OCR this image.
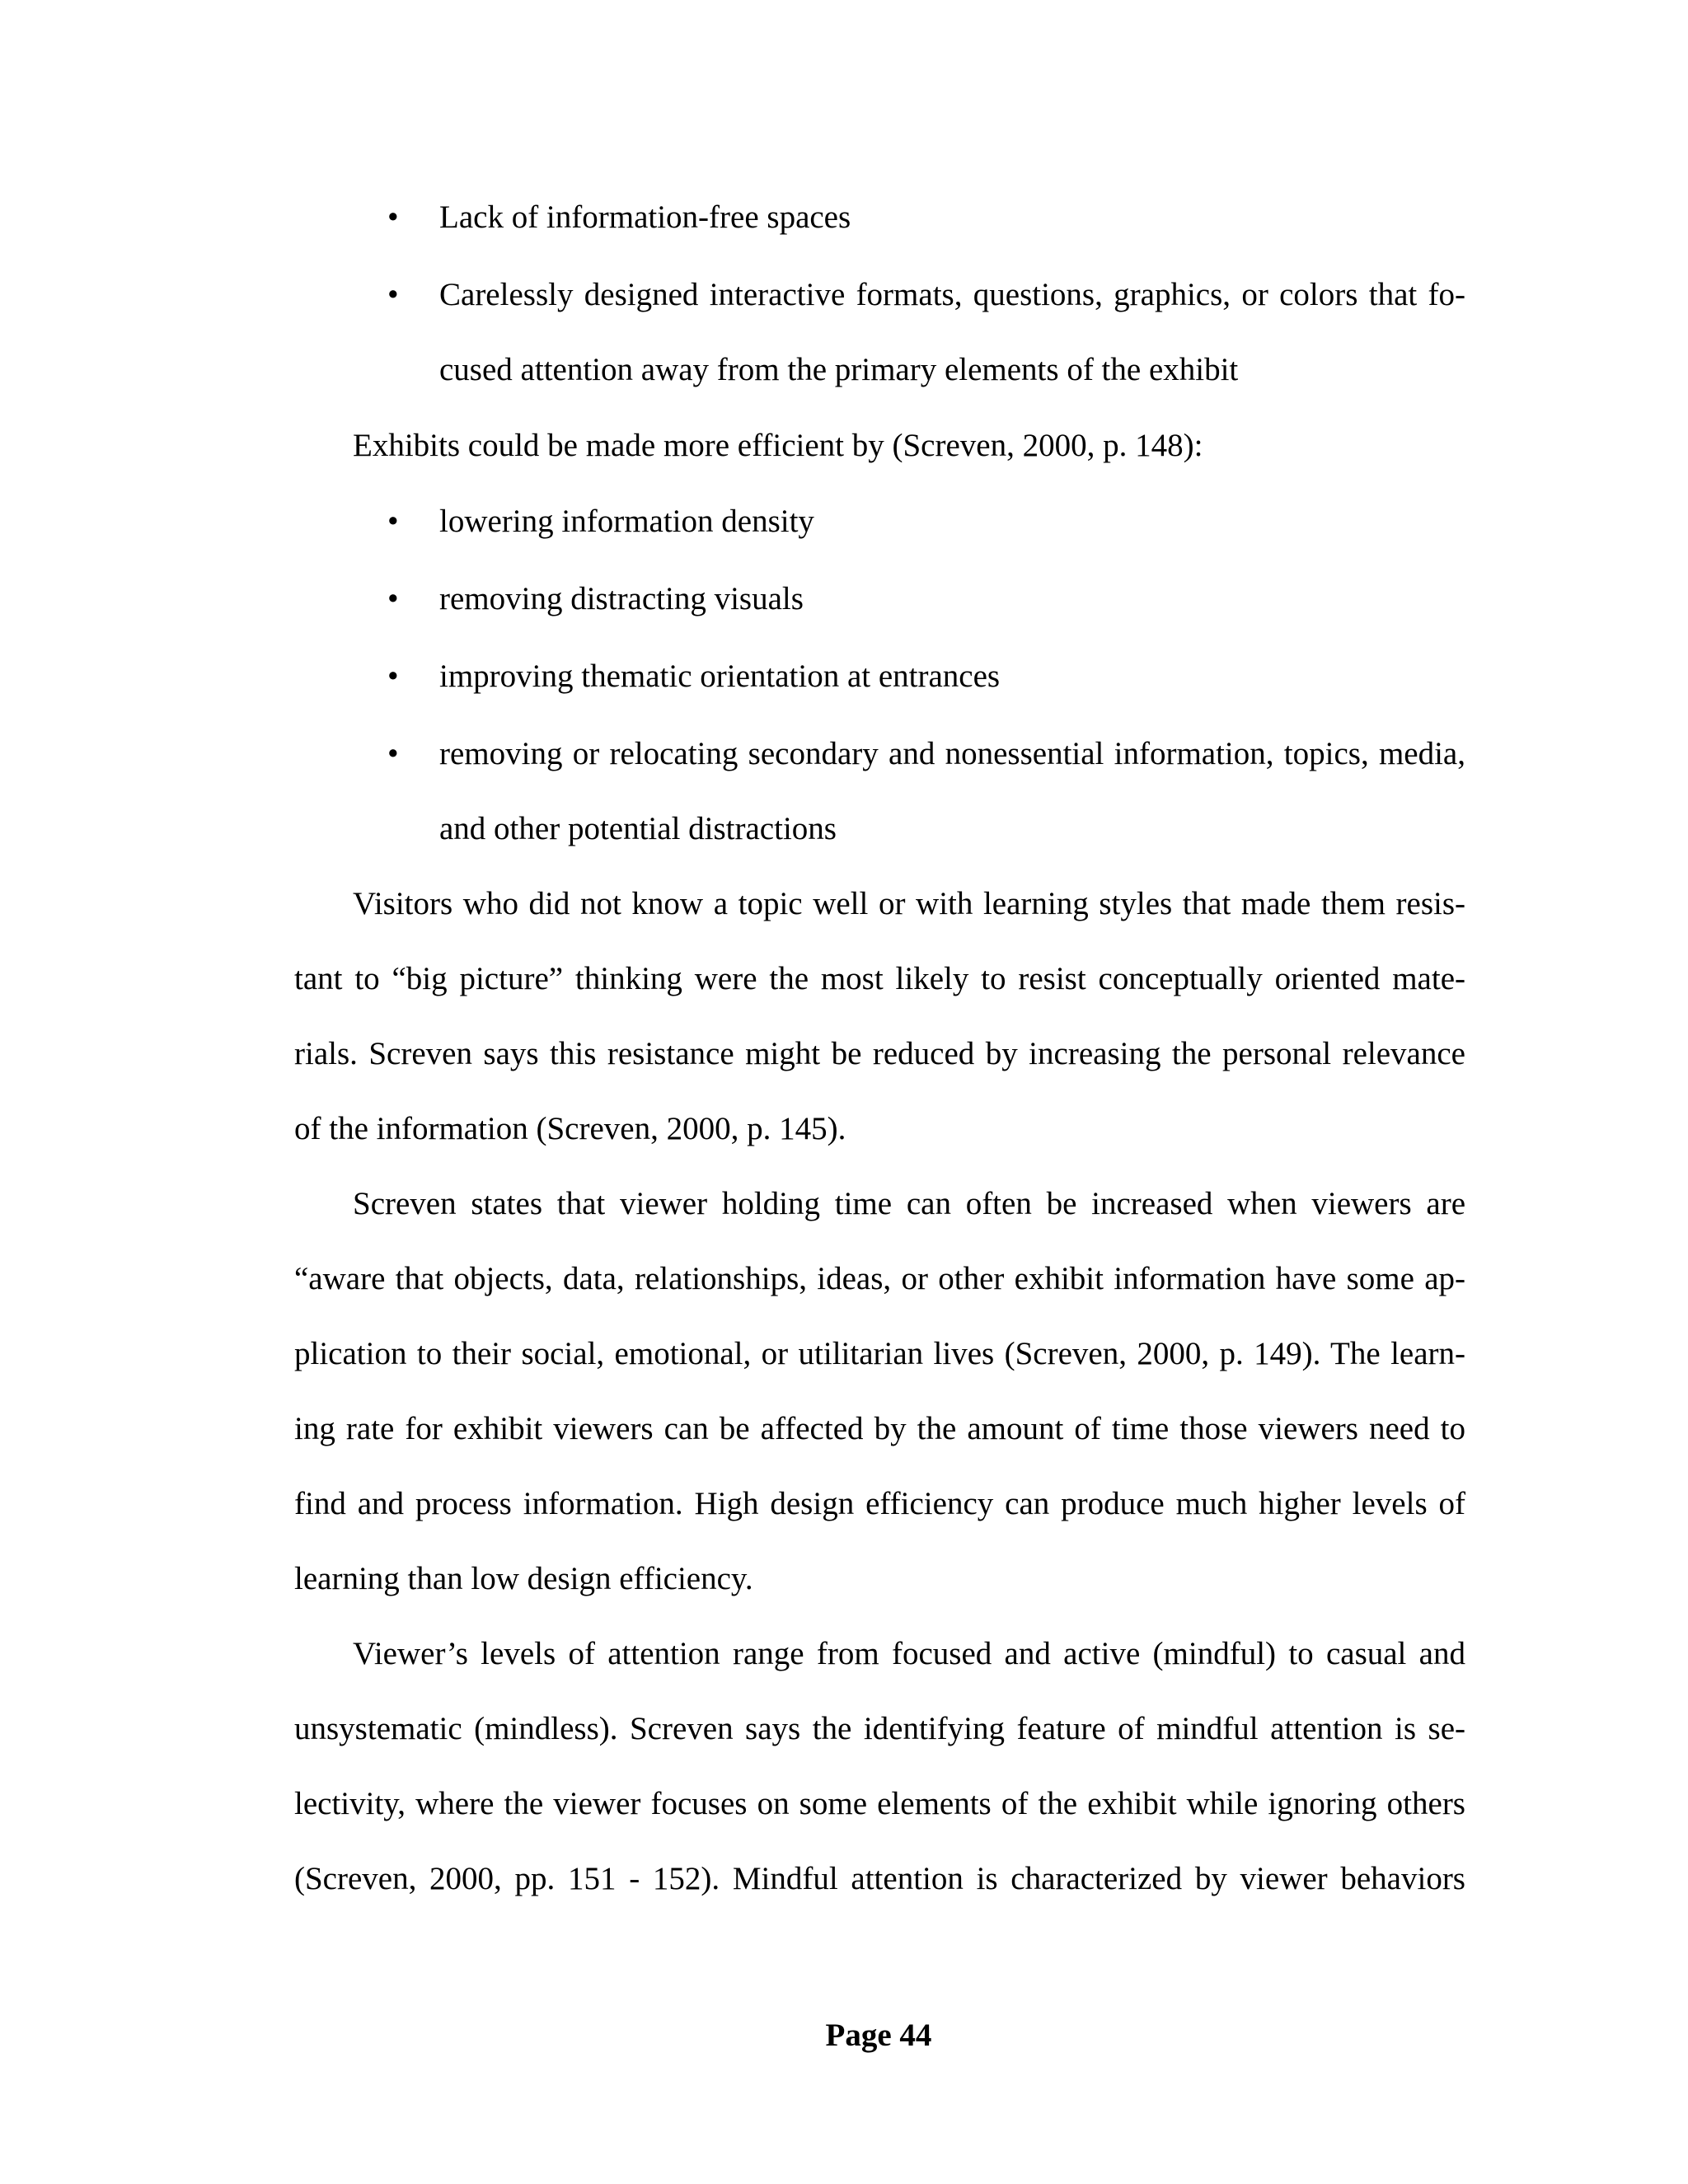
• Lack of information-free spaces
• Carelessly designed interactive formats, questions, graphics, or colors that fo-
cused attention away from the primary elements of the exhibit
Exhibits could be made more efficient by (Screven, 2000, p. 148):
• lowering information density
• removing distracting visuals
• improving thematic orientation at entrances
• removing or relocating secondary and nonessential information, topics, media,
and other potential distractions
Visitors who did not know a topic well or with learning styles that made them resis-
tant to “big picture” thinking were the most likely to resist conceptually oriented mate-
rials. Screven says this resistance might be reduced by increasing the personal relevance
of the information (Screven, 2000, p. 145).
Screven states that viewer holding time can often be increased when viewers are
“aware that objects, data, relationships, ideas, or other exhibit information have some ap-
plication to their social, emotional, or utilitarian lives (Screven, 2000, p. 149). The learn-
ing rate for exhibit viewers can be affected by the amount of time those viewers need to
find and process information. High design efficiency can produce much higher levels of
learning than low design efficiency.
Viewer’s levels of attention range from focused and active (mindful) to casual and
unsystematic (mindless). Screven says the identifying feature of mindful attention is se-
lectivity, where the viewer focuses on some elements of the exhibit while ignoring others
(Screven, 2000, pp. 151 - 152). Mindful attention is characterized by viewer behaviors
Page 44
